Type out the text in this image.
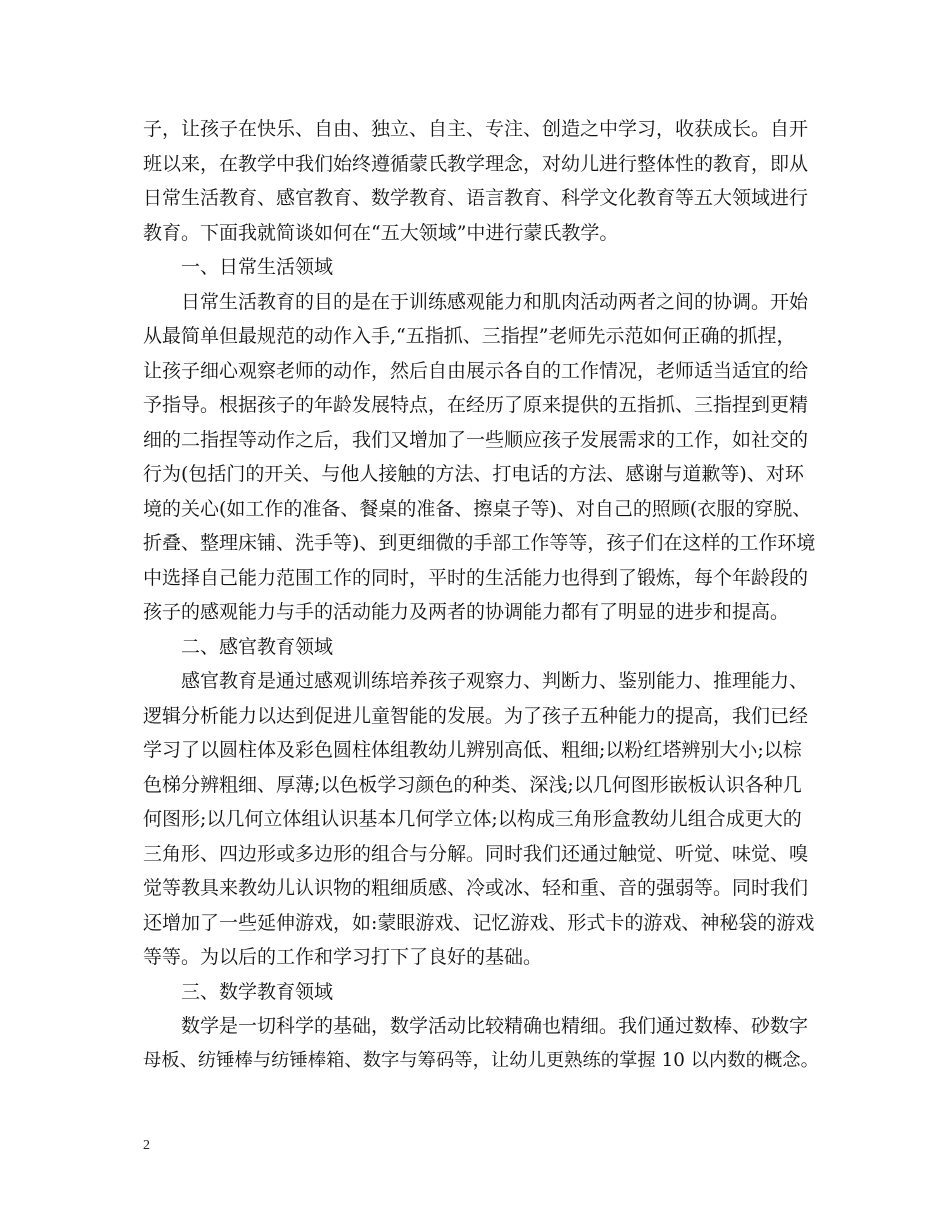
子，让孩子在快乐、自由、独立、自主、专注、创造之中学习，收获成长。自开
班以来，在教学中我们始终遵循蒙氏教学理念，对幼儿进行整体性的教育，即从
日常生活教育、感官教育、数学教育、语言教育、科学文化教育等五大领域进行
教育。下面我就简谈如何在“五大领域”中进行蒙氏教学。
一、日常生活领域
日常生活教育的目的是在于训练感观能力和肌肉活动两者之间的协调。开始
从最简单但最规范的动作入手,“五指抓、三指捏”老师先示范如何正确的抓捏，
让孩子细心观察老师的动作，然后自由展示各自的工作情况，老师适当适宜的给
予指导。根据孩子的年龄发展特点，在经历了原来提供的五指抓、三指捏到更精
细的二指捏等动作之后，我们又增加了一些顺应孩子发展需求的工作，如社交的
行为(包括门的开关、与他人接触的方法、打电话的方法、感谢与道歉等)、对环
境的关心(如工作的准备、餐桌的准备、擦桌子等)、对自己的照顾(衣服的穿脱、
折叠、整理床铺、洗手等)、到更细微的手部工作等等，孩子们在这样的工作环境
中选择自己能力范围工作的同时，平时的生活能力也得到了锻炼，每个年龄段的
孩子的感观能力与手的活动能力及两者的协调能力都有了明显的进步和提高。
二、感官教育领域
感官教育是通过感观训练培养孩子观察力、判断力、鉴别能力、推理能力、
逻辑分析能力以达到促进儿童智能的发展。为了孩子五种能力的提高，我们已经
学习了以圆柱体及彩色圆柱体组教幼儿辨别高低、粗细;以粉红塔辨别大小;以棕
色梯分辨粗细、厚薄;以色板学习颜色的种类、深浅;以几何图形嵌板认识各种几
何图形;以几何立体组认识基本几何学立体;以构成三角形盒教幼儿组合成更大的
三角形、四边形或多边形的组合与分解。同时我们还通过触觉、听觉、味觉、嗅
觉等教具来教幼儿认识物的粗细质感、冷或冰、轻和重、音的强弱等。同时我们
还增加了一些延伸游戏，如:蒙眼游戏、记忆游戏、形式卡的游戏、神秘袋的游戏
等等。为以后的工作和学习打下了良好的基础。
三、数学教育领域
数学是一切科学的基础，数学活动比较精确也精细。我们通过数棒、砂数字
母板、纺锤棒与纺锤棒箱、数字与筹码等，让幼儿更熟练的掌握 10 以内数的概念。
2
